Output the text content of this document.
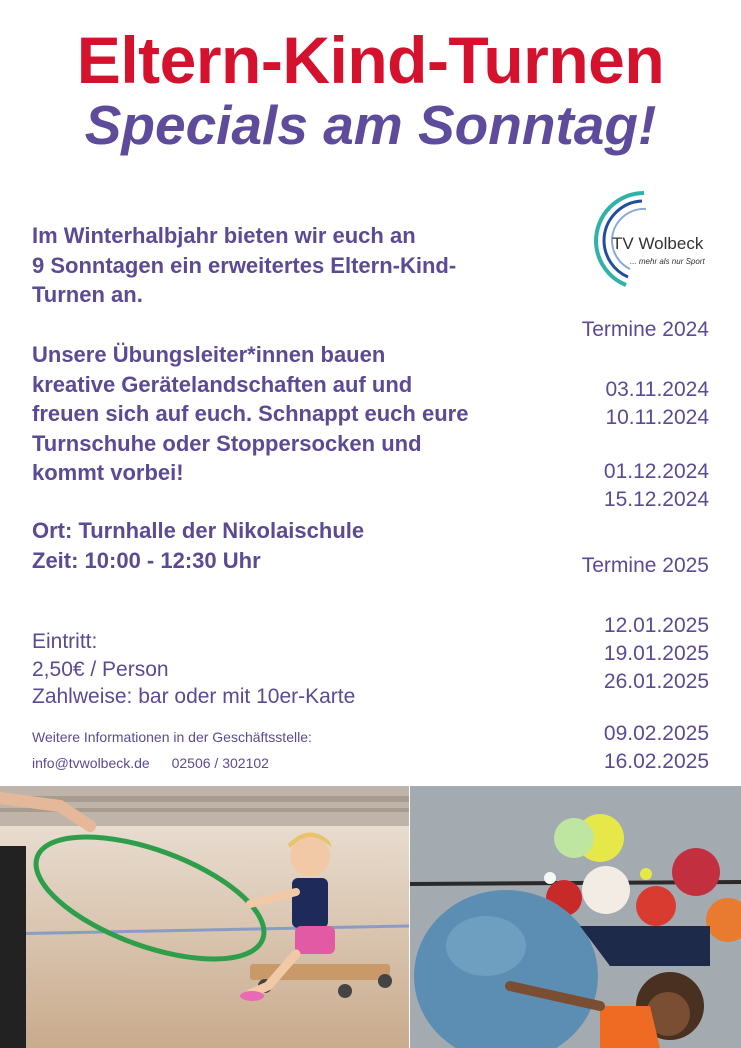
Eltern-Kind-Turnen
Specials am Sonntag!
TV Wolbeck
... mehr als nur Sport
Im Winterhalbjahr bieten wir euch an
9 Sonntagen ein erweitertes Eltern-Kind-
Turnen an.
Unsere Übungsleiter*innen bauen
kreative Gerätelandschaften auf und
freuen sich auf euch. Schnappt euch eure
Turnschuhe oder Stoppersocken und
kommt vorbei!
Ort: Turnhalle der Nikolaischule
Zeit: 10:00 - 12:30 Uhr
Eintritt:
2,50€ / Person
Zahlweise: bar oder mit 10er-Karte
Weitere Informationen in der Geschäftsstelle:
info@tvwolbeck.de 02506 / 302102
Termine 2024
03.11.2024
10.11.2024
01.12.2024
15.12.2024
Termine 2025
12.01.2025
19.01.2025
26.01.2025
09.02.2025
16.02.2025
